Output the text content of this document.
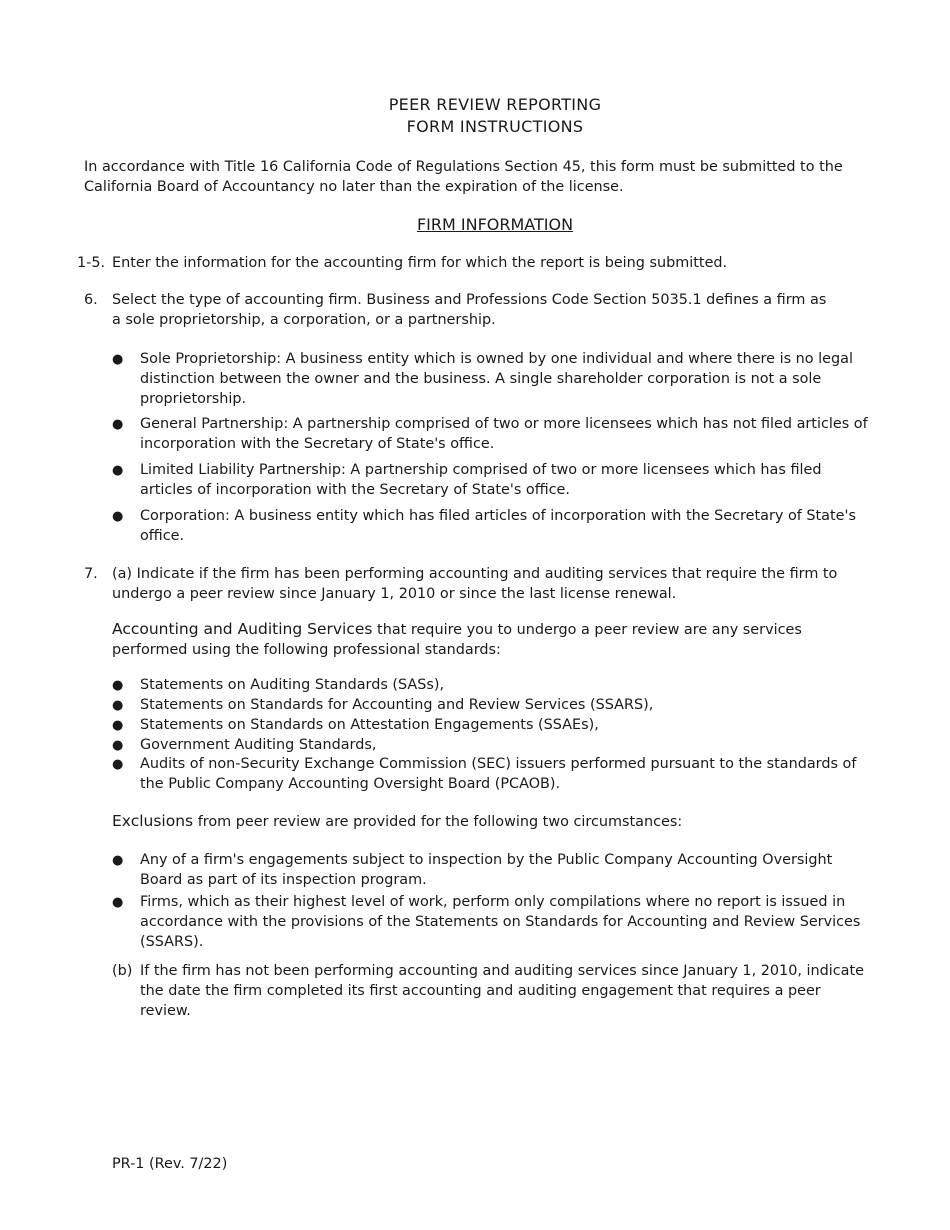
PEER REVIEW REPORTING
FORM INSTRUCTIONS

In accordance with Title 16 California Code of Regulations Section 45, this form must be submitted to the California Board of Accountancy no later than the expiration of the license.

FIRM INFORMATION
1-5. Enter the information for the accounting firm for which the report is being submitted.
6. Select the type of accounting firm. Business and Professions Code Section 5035.1 defines a firm as a sole proprietorship, a corporation, or a partnership.
● Sole Proprietorship: A business entity which is owned by one individual and where there is no legal distinction between the owner and the business. A single shareholder corporation is not a sole proprietorship.
● General Partnership: A partnership comprised of two or more licensees which has not filed articles of incorporation with the Secretary of State's office.
● Limited Liability Partnership: A partnership comprised of two or more licensees which has filed articles of incorporation with the Secretary of State's office.
● Corporation: A business entity which has filed articles of incorporation with the Secretary of State's office.
7. (a) Indicate if the firm has been performing accounting and auditing services that require the firm to undergo a peer review since January 1, 2010 or since the last license renewal.
Accounting and Auditing Services that require you to undergo a peer review are any services performed using the following professional standards:
● Statements on Auditing Standards (SASs),
● Statements on Standards for Accounting and Review Services (SSARS),
● Statements on Standards on Attestation Engagements (SSAEs),
● Government Auditing Standards,
● Audits of non-Security Exchange Commission (SEC) issuers performed pursuant to the standards of the Public Company Accounting Oversight Board (PCAOB).
Exclusions from peer review are provided for the following two circumstances:
● Any of a firm's engagements subject to inspection by the Public Company Accounting Oversight Board as part of its inspection program.
● Firms, which as their highest level of work, perform only compilations where no report is issued in accordance with the provisions of the Statements on Standards for Accounting and Review Services (SSARS).
(b) If the firm has not been performing accounting and auditing services since January 1, 2010, indicate the date the firm completed its first accounting and auditing engagement that requires a peer review.
PR-1 (Rev. 7/22)
